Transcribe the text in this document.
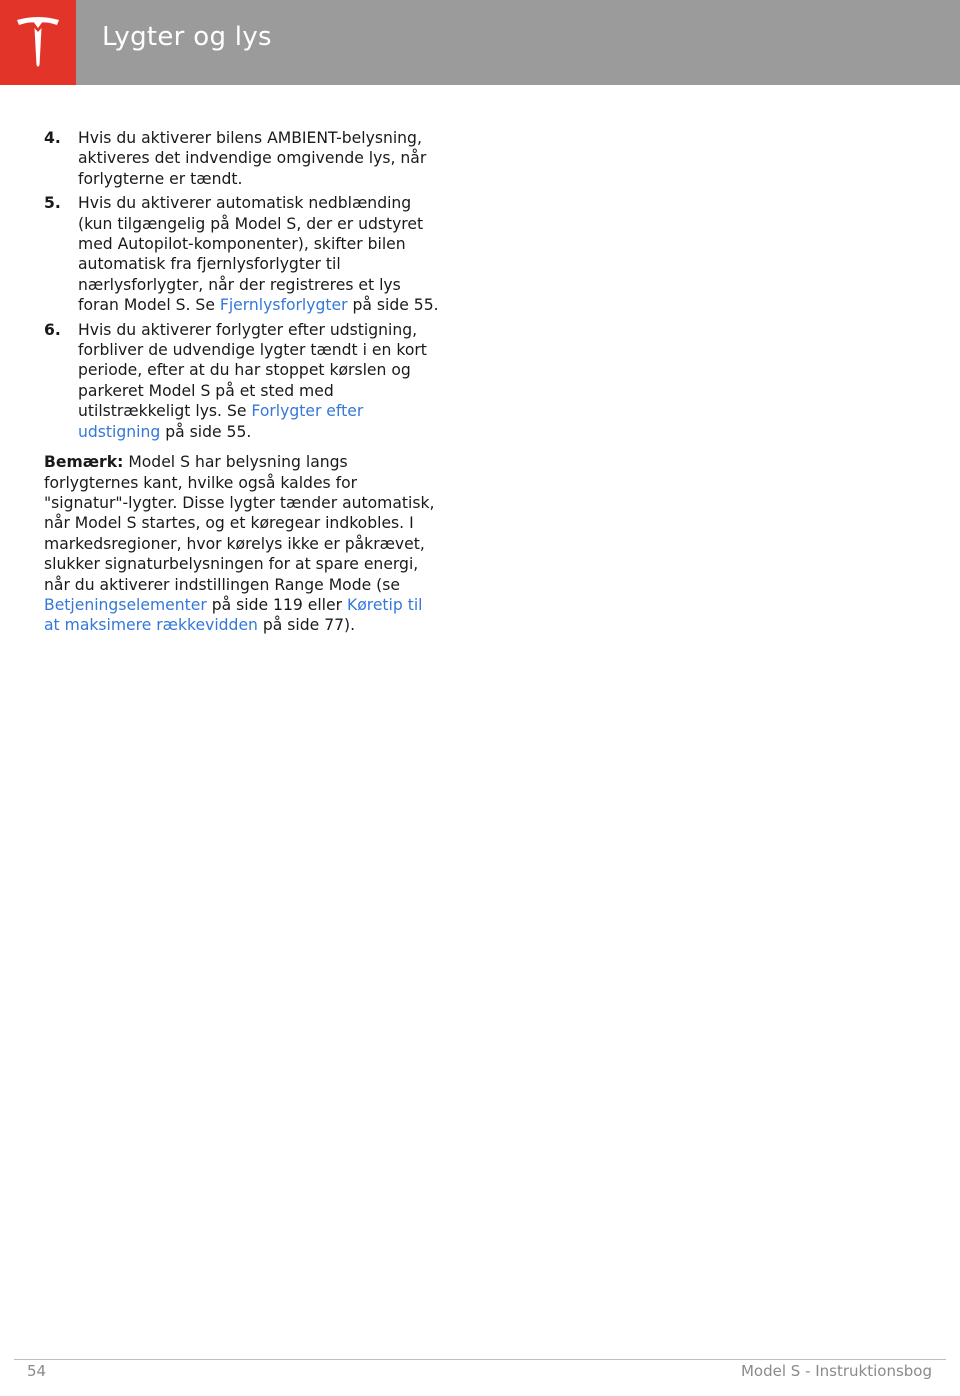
Lygter og lys
4. Hvis du aktiverer bilens AMBIENT-belysning, aktiveres det indvendige omgivende lys, når forlygterne er tændt.
5. Hvis du aktiverer automatisk nedblænding (kun tilgængelig på Model S, der er udstyret med Autopilot-komponenter), skifter bilen automatisk fra fjernlysforlygter til nærlysforlygter, når der registreres et lys foran Model S. Se Fjernlysforlygter på side 55.
6. Hvis du aktiverer forlygter efter udstigning, forbliver de udvendige lygter tændt i en kort periode, efter at du har stoppet kørslen og parkeret Model S på et sted med utilstrækkeligt lys. Se Forlygter efter udstigning på side 55.
Bemærk: Model S har belysning langs forlygternes kant, hvilke også kaldes for "signatur"-lygter. Disse lygter tænder automatisk, når Model S startes, og et køregear indkobles. I markedsregioner, hvor kørelys ikke er påkrævet, slukker signaturbelysningen for at spare energi, når du aktiverer indstillingen Range Mode (se Betjeningselementer på side 119 eller Køretip til at maksimere rækkevidden på side 77).
54	Model S - Instruktionsbog
